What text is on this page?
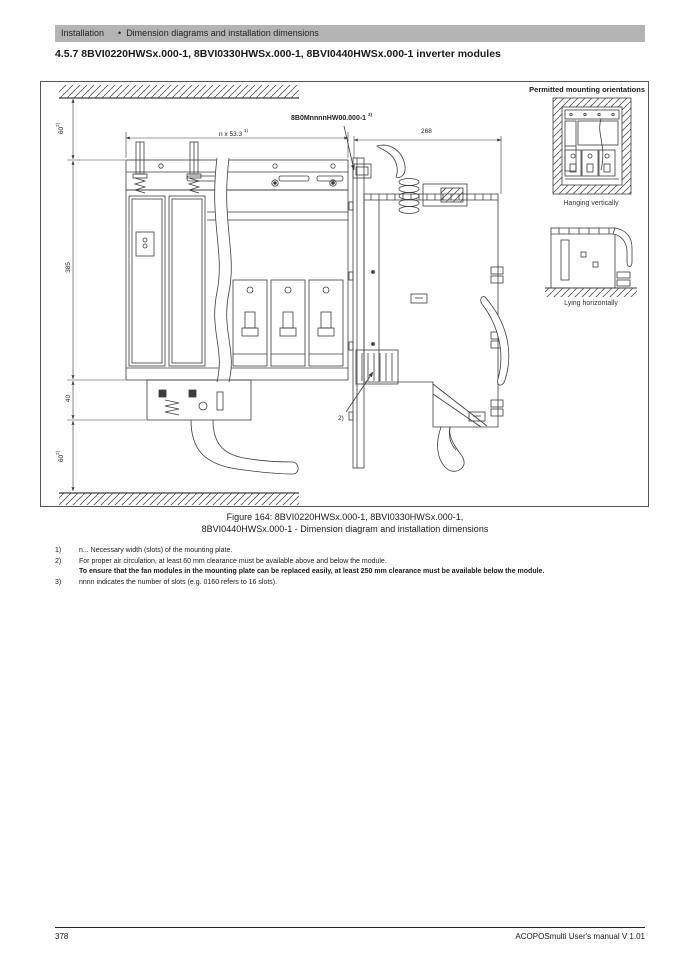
Installation • Dimension diagrams and installation dimensions
4.5.7 8BVI0220HWSx.000-1, 8BVI0330HWSx.000-1, 8BVI0440HWSx.000-1 inverter modules
60$^{2)}$
n x 53.3 $^{1)}$
385
40
60$^{2)}$
8B0MnnnnHW00.000-1 $^{3)}$
268
2)
Permitted mounting orientations
Hanging vertically
Lying horizontally
Figure 164: 8BVI0220HWSx.000-1, 8BVI0330HWSx.000-1,
8BVI0440HWSx.000-1 - Dimension diagram and installation dimensions
1)	n... Necessary width (slots) of the mounting plate.
2)	For proper air circulation, at least 60 mm clearance must be available above and below the module.
To ensure that the fan modules in the mounting plate can be replaced easily, at least 250 mm clearance must be available below the module.
3)	nnnn indicates the number of slots (e.g. 0160 refers to 16 slots).
378	ACOPOSmulti User's manual V 1.01
